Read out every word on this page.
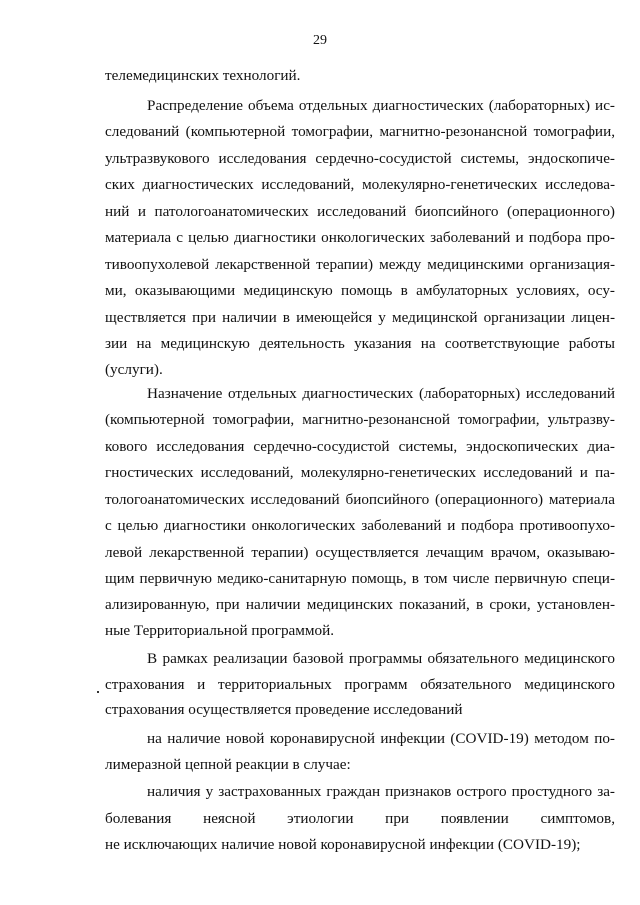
29
телемедицинских технологий.
Распределение объема отдельных диагностических (лабораторных) ис-
следований (компьютерной томографии, магнитно-резонансной томографии,
ультразвукового исследования сердечно-сосудистой системы, эндоскопиче-
ских диагностических исследований, молекулярно-генетических исследова-
ний и патологоанатомических исследований биопсийного (операционного)
материала с целью диагностики онкологических заболеваний и подбора про-
тивоопухолевой лекарственной терапии) между медицинскими организация-
ми, оказывающими медицинскую помощь в амбулаторных условиях, осу-
ществляется при наличии в имеющейся у медицинской организации лицен-
зии на медицинскую деятельность указания на соответствующие работы
(услуги).
Назначение отдельных диагностических (лабораторных) исследований
(компьютерной томографии, магнитно-резонансной томографии, ультразву-
кового исследования сердечно-сосудистой системы, эндоскопических диа-
гностических исследований, молекулярно-генетических исследований и па-
тологоанатомических исследований биопсийного (операционного) материала
с целью диагностики онкологических заболеваний и подбора противоопухо-
левой лекарственной терапии) осуществляется лечащим врачом, оказываю-
щим первичную медико-санитарную помощь, в том числе первичную специ-
ализированную, при наличии медицинских показаний, в сроки, установлен-
ные Территориальной программой.
В рамках реализации базовой программы обязательного медицинского
страхования и территориальных программ обязательного медицинского
страхования осуществляется проведение исследований
на наличие новой коронавирусной инфекции (COVID-19) методом по-
лимеразной цепной реакции в случае:
наличия у застрахованных граждан признаков острого простудного за-
болевания неясной этиологии при появлении симптомов,
не исключающих наличие новой коронавирусной инфекции (COVID-19);
